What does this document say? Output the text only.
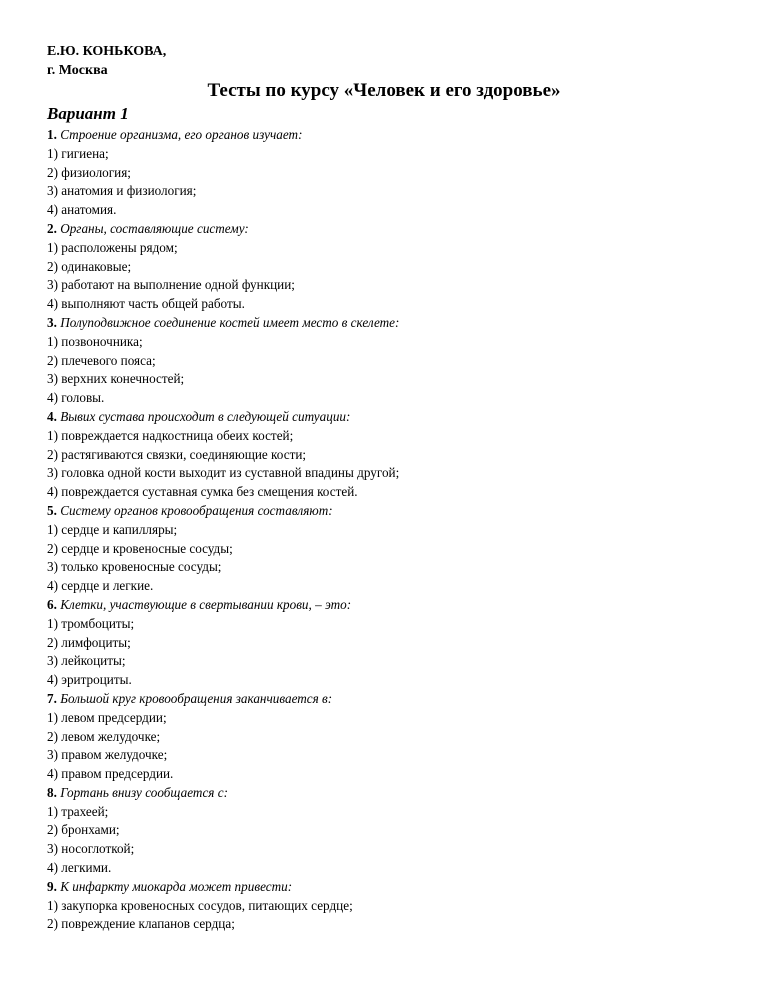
Е.Ю. КОНЬКОВА,
г. Москва
Тесты по курсу «Человек и его здоровье»
Вариант 1
1. Строение организма, его органов изучает:
1) гигиена;
2) физиология;
3) анатомия и физиология;
4) анатомия.
2. Органы, составляющие систему:
1) расположены рядом;
2) одинаковые;
3) работают на выполнение одной функции;
4) выполняют часть общей работы.
3. Полуподвижное соединение костей имеет место в скелете:
1) позвоночника;
2) плечевого пояса;
3) верхних конечностей;
4) головы.
4. Вывих сустава происходит в следующей ситуации:
1) повреждается надкостница обеих костей;
2) растягиваются связки, соединяющие кости;
3) головка одной кости выходит из суставной впадины другой;
4) повреждается суставная сумка без смещения костей.
5. Систему органов кровообращения составляют:
1) сердце и капилляры;
2) сердце и кровеносные сосуды;
3) только кровеносные сосуды;
4) сердце и легкие.
6. Клетки, участвующие в свертывании крови, – это:
1) тромбоциты;
2) лимфоциты;
3) лейкоциты;
4) эритроциты.
7. Большой круг кровообращения заканчивается в:
1) левом предсердии;
2) левом желудочке;
3) правом желудочке;
4) правом предсердии.
8. Гортань внизу сообщается с:
1) трахеей;
2) бронхами;
3) носоглоткой;
4) легкими.
9. К инфаркту миокарда может привести:
1) закупорка кровеносных сосудов, питающих сердце;
2) повреждение клапанов сердца;
